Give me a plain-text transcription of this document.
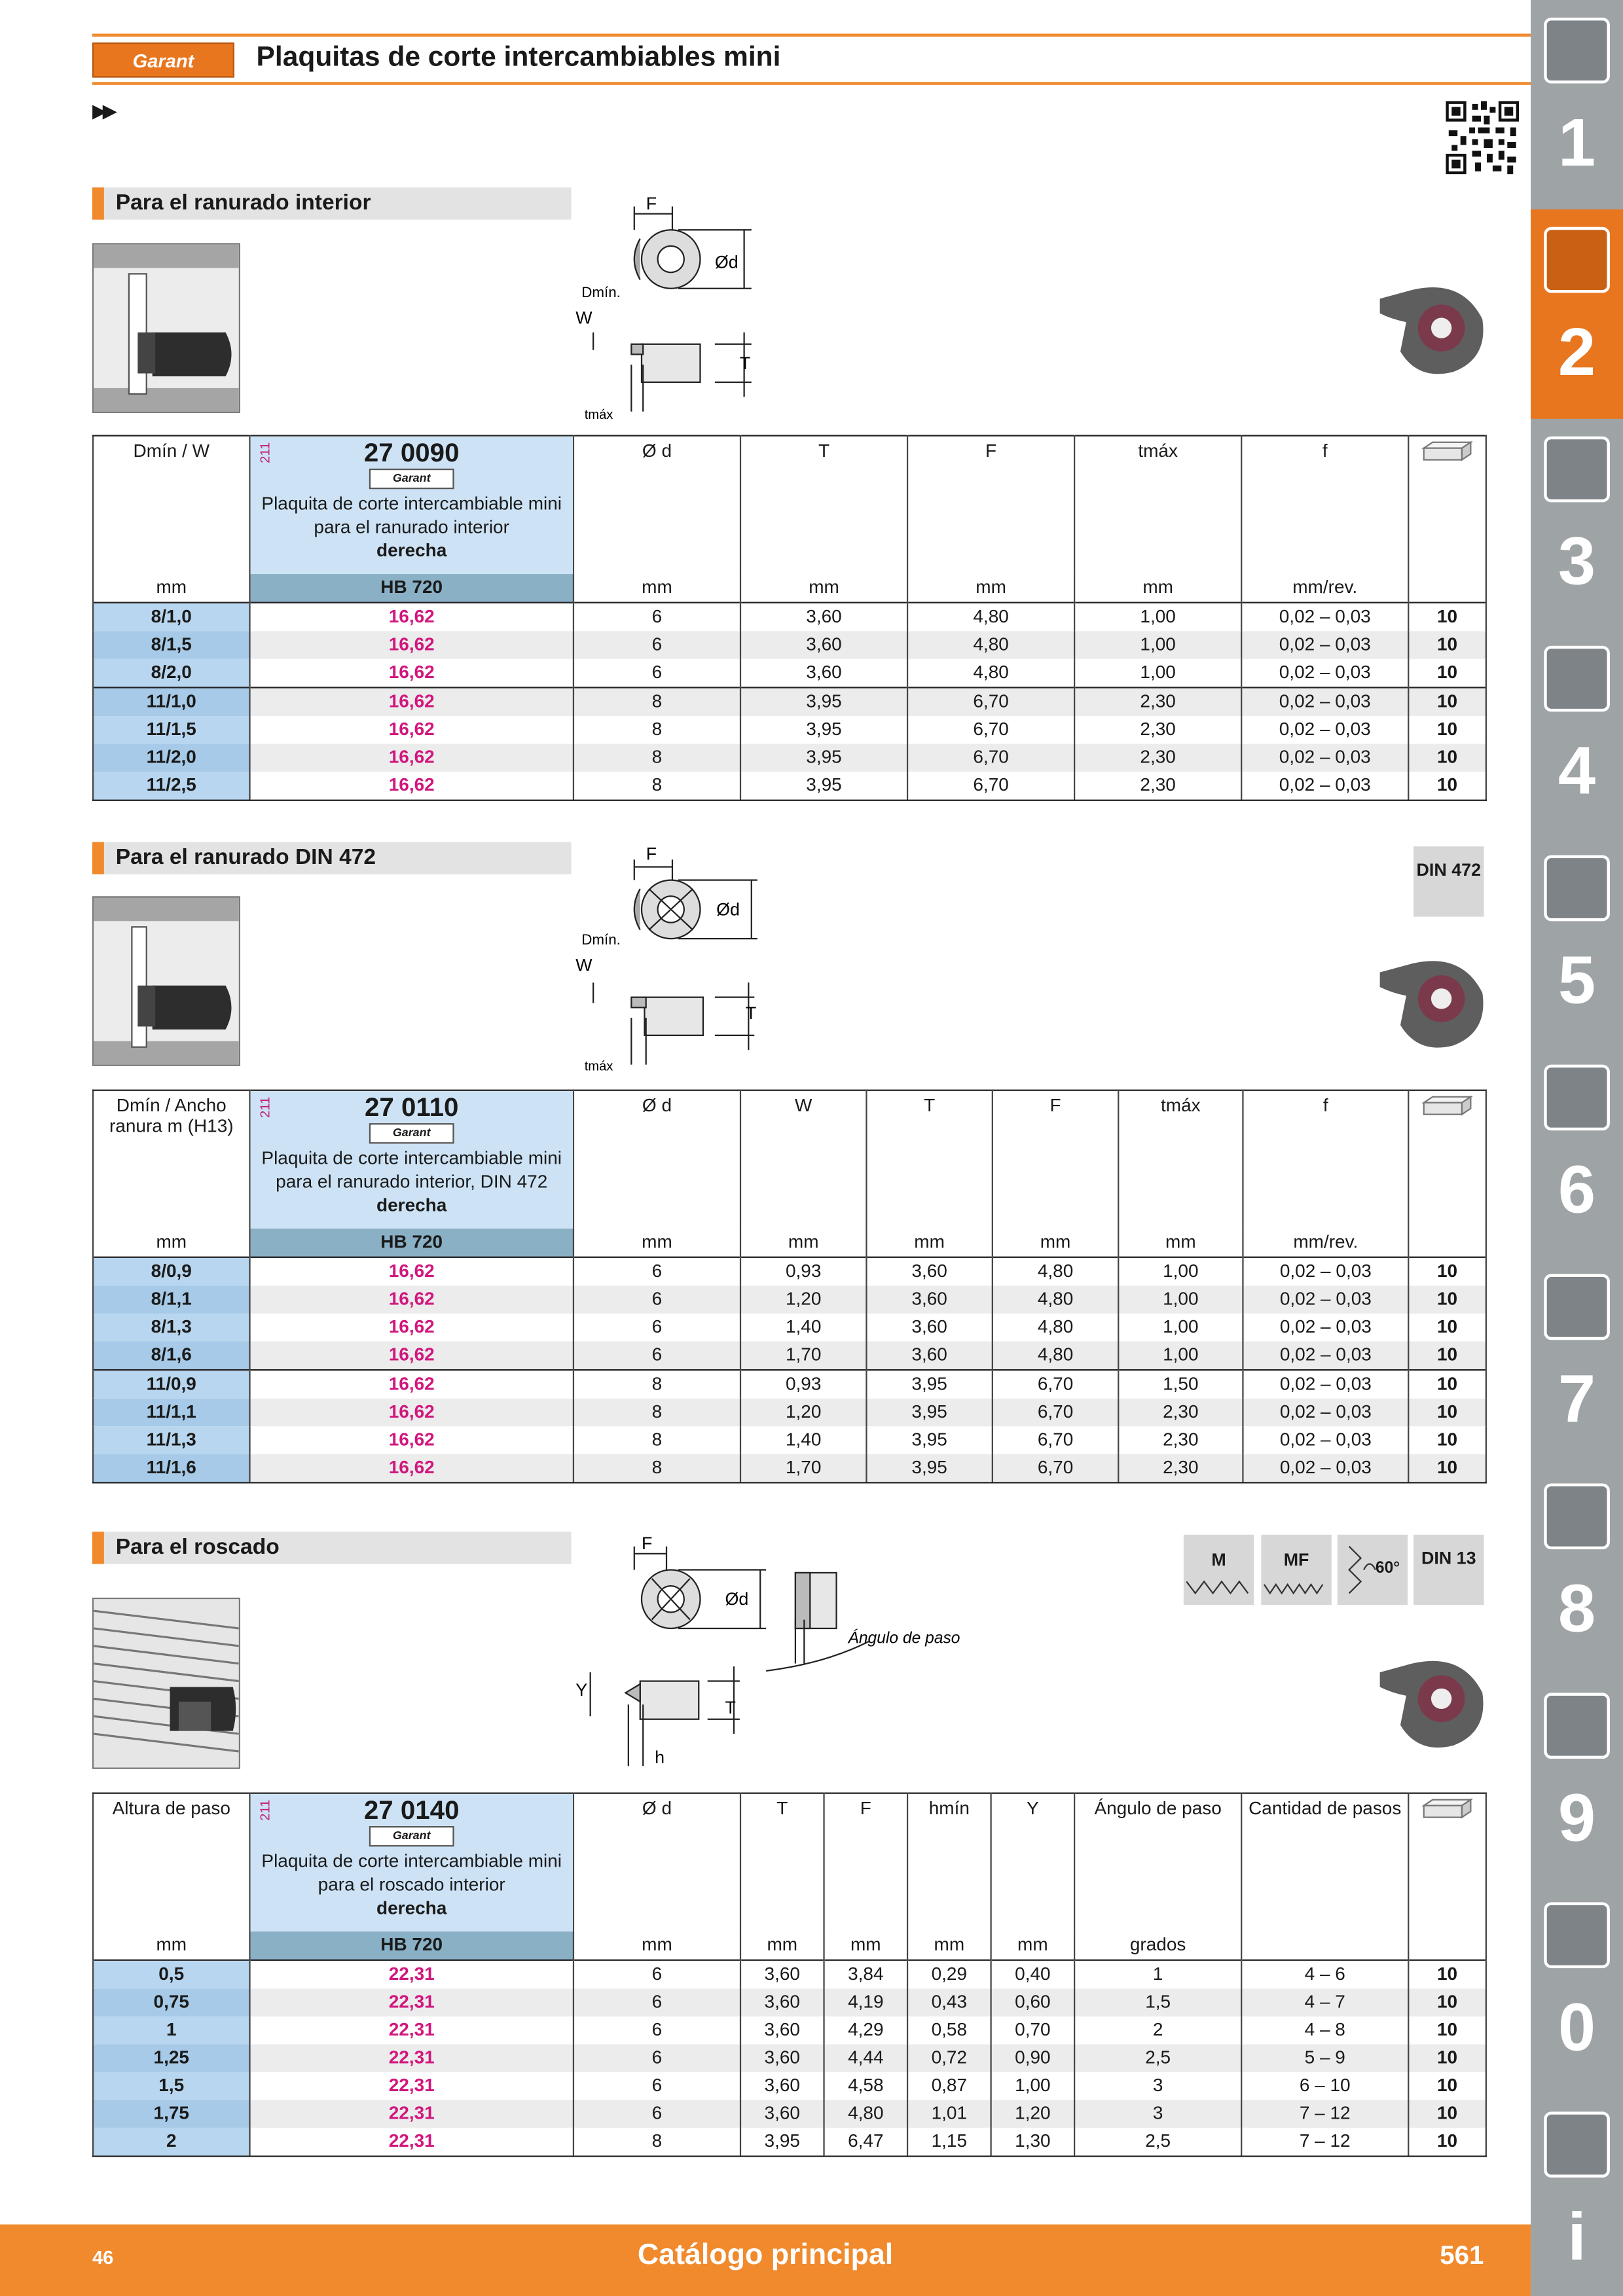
Garant	Plaquitas de corte intercambiables mini
▶▶
Para el ranurado interior	F
Ød
Dmín.
W
T
tmáx
Dmín / W	211 27 0090
Garant
Plaquita de corte intercambiable mini para el ranurado interior
derecha	Ø d	T	F	tmáx	f	
mm	HB 720	mm	mm	mm	mm	mm/rev.	
8/1,0	16,62	6	3,60	4,80	1,00	0,02 – 0,03	10
8/1,5	16,62	6	3,60	4,80	1,00	0,02 – 0,03	10
8/2,0	16,62	6	3,60	4,80	1,00	0,02 – 0,03	10
11/1,0	16,62	8	3,95	6,70	2,30	0,02 – 0,03	10
11/1,5	16,62	8	3,95	6,70	2,30	0,02 – 0,03	10
11/2,0	16,62	8	3,95	6,70	2,30	0,02 – 0,03	10
11/2,5	16,62	8	3,95	6,70	2,30	0,02 – 0,03	10
Para el ranurado DIN 472	F
Ød
Dmín.
W
T
tmáx
DIN 472
Dmín / Ancho ranura m (H13)	211 27 0110
Garant
Plaquita de corte intercambiable mini para el ranurado interior, DIN 472
derecha	Ø d	W	T	F	tmáx	f	
mm	HB 720	mm	mm	mm	mm	mm	mm/rev.	
8/0,9	16,62	6	0,93	3,60	4,80	1,00	0,02 – 0,03	10
8/1,1	16,62	6	1,20	3,60	4,80	1,00	0,02 – 0,03	10
8/1,3	16,62	6	1,40	3,60	4,80	1,00	0,02 – 0,03	10
8/1,6	16,62	6	1,70	3,60	4,80	1,00	0,02 – 0,03	10
11/0,9	16,62	8	0,93	3,95	6,70	1,50	0,02 – 0,03	10
11/1,1	16,62	8	1,20	3,95	6,70	2,30	0,02 – 0,03	10
11/1,3	16,62	8	1,40	3,95	6,70	2,30	0,02 – 0,03	10
11/1,6	16,62	8	1,70	3,95	6,70	2,30	0,02 – 0,03	10
Para el roscado	F
Ød
Y
T
h
Ángulo de paso
M	MF	60°
DIN 13
Altura de paso	211 27 0140
Garant
Plaquita de corte intercambiable mini para el roscado interior
derecha	Ø d	T	F	hmín	Y	Ángulo de paso	Cantidad de pasos	
mm	HB 720	mm	mm	mm	mm	mm	grados		
0,5	22,31	6	3,60	3,84	0,29	0,40	1	4 – 6	10
0,75	22,31	6	3,60	4,19	0,43	0,60	1,5	4 – 7	10
1	22,31	6	3,60	4,29	0,58	0,70	2	4 – 8	10
1,25	22,31	6	3,60	4,44	0,72	0,90	2,5	5 – 9	10
1,5	22,31	6	3,60	4,58	0,87	1,00	3	6 – 10	10
1,75	22,31	6	3,60	4,80	1,01	1,20	3	7 – 12	10
2	22,31	8	3,95	6,47	1,15	1,30	2,5	7 – 12	10
1
2
3
4
5
6
7
8
9
0
i
46	Catálogo principal	561
